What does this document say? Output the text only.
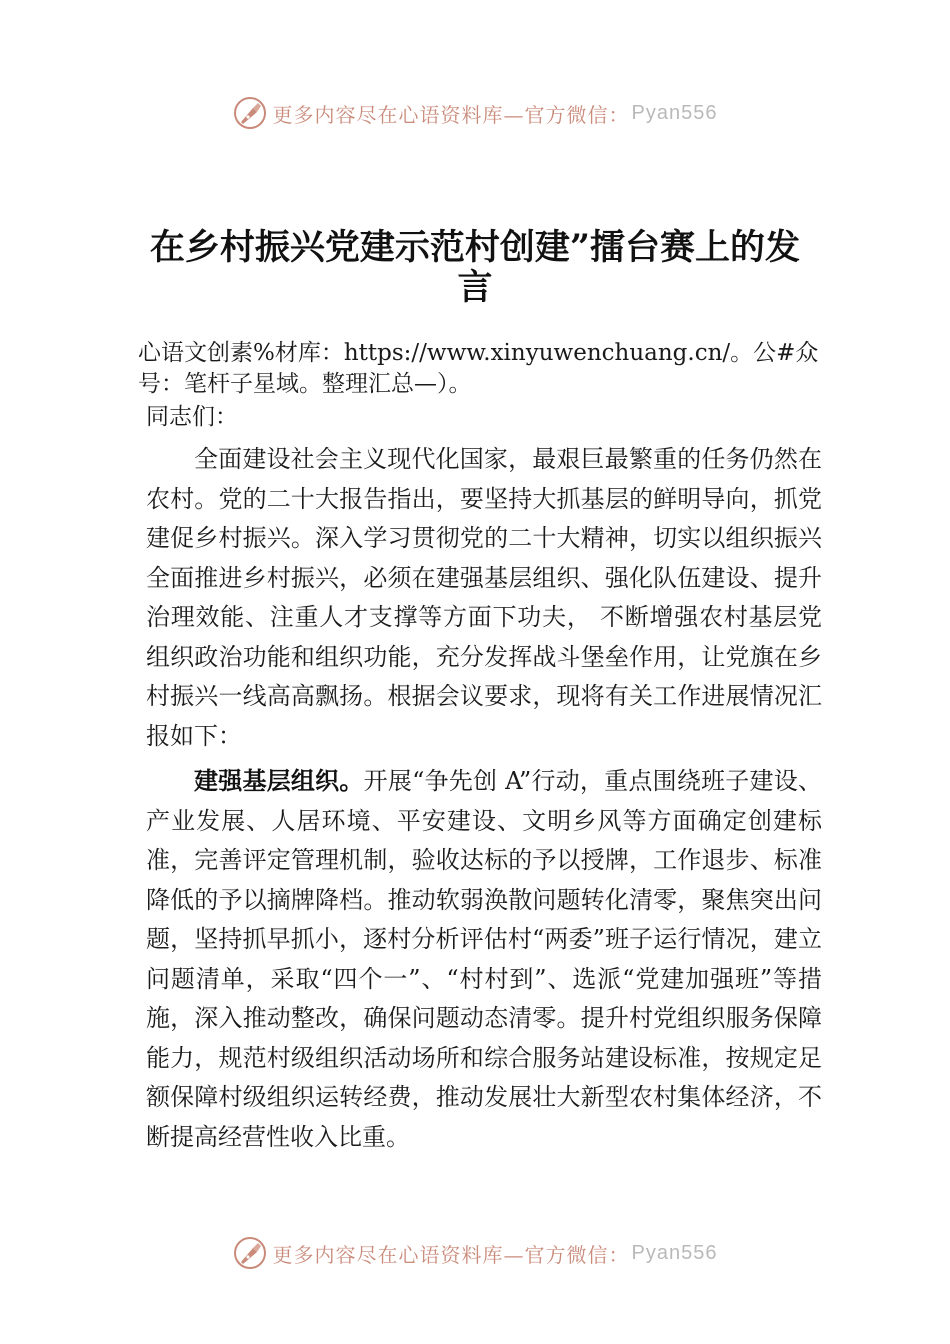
更多内容尽在心语资料库—官方微信： Pyan556
在乡村振兴党建示范村创建”擂台赛上的发言
心语文创素%材库：https://www.xinyuwenchuang.cn/。公#众号：笔杆子星域。整理汇总—）。
同志们：

全面建设社会主义现代化国家，最艰巨最繁重的任务仍然在农村。党的二十大报告指出，要坚持大抓基层的鲜明导向，抓党建促乡村振兴。深入学习贯彻党的二十大精神，切实以组织振兴全面推进乡村振兴，必须在建强基层组织、强化队伍建设、提升治理效能、注重人才支撑等方面下功夫， 不断增强农村基层党组织政治功能和组织功能，充分发挥战斗堡垒作用，让党旗在乡村振兴一线高高飘扬。根据会议要求，现将有关工作进展情况汇报如下：

建强基层组织。开展“争先创 A”行动，重点围绕班子建设、产业发展、人居环境、平安建设、文明乡风等方面确定创建标准，完善评定管理机制，验收达标的予以授牌，工作退步、标准降低的予以摘牌降档。推动软弱涣散问题转化清零，聚焦突出问题，坚持抓早抓小，逐村分析评估村“两委”班子运行情况，建立问题清单，采取“四个一”、“村村到”、选派“党建加强班”等措施，深入推动整改，确保问题动态清零。提升村党组织服务保障能力，规范村级组织活动场所和综合服务站建设标准，按规定足额保障村级组织运转经费，推动发展壮大新型农村集体经济，不断提高经营性收入比重。

更多内容尽在心语资料库—官方微信： Pyan556
